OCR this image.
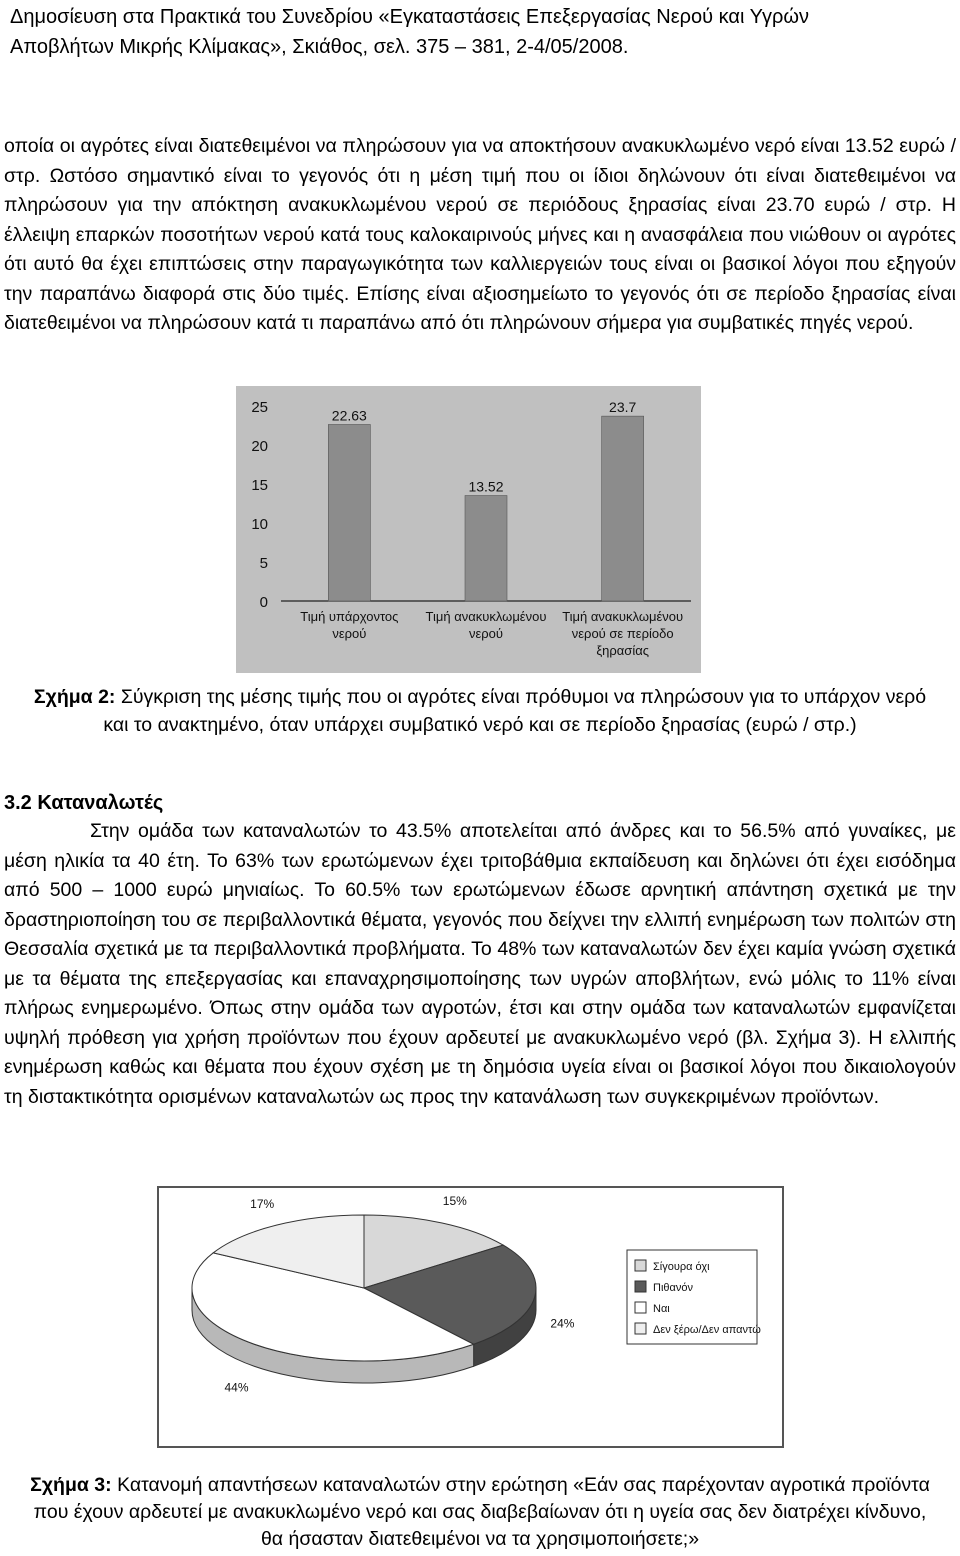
Δημοσίευση στα Πρακτικά του Συνεδρίου «Εγκαταστάσεις Επεξεργασίας Νερού και Υγρών
Αποβλήτων Μικρής Κλίμακας», Σκιάθος, σελ. 375 – 381, 2-4/05/2008.

οποία οι αγρότες είναι διατεθειμένοι να πληρώσουν για να αποκτήσουν ανακυκλωμένο νερό είναι 13.52 ευρώ / στρ. Ωστόσο σημαντικό είναι το γεγονός ότι η μέση τιμή που οι ίδιοι δηλώνουν ότι είναι διατεθειμένοι να πληρώσουν για την απόκτηση ανακυκλωμένου νερού σε περιόδους ξηρασίας είναι 23.70 ευρώ / στρ. Η έλλειψη επαρκών ποσοτήτων νερού κατά τους καλοκαιρινούς μήνες και η ανασφάλεια που νιώθουν οι αγρότες ότι αυτό θα έχει επιπτώσεις στην παραγωγικότητα των καλλιεργειών τους είναι οι βασικοί λόγοι που εξηγούν την παραπάνω διαφορά στις δύο τιμές. Επίσης είναι αξιοσημείωτο το γεγονός ότι σε περίοδο ξηρασίας είναι διατεθειμένοι να πληρώσουν κατά τι παραπάνω από ότι πληρώνουν σήμερα για συμβατικές πηγές νερού.

0
5
10
15
20
25	22.63
Τιμή υπάρχοντος
νερού
13.52
Τιμή ανακυκλωμένου
νερού
23.7
Τιμή ανακυκλωμένου
νερού σε περίοδο
ξηρασίας

Σχήμα 2: Σύγκριση της μέσης τιμής που οι αγρότες είναι πρόθυμοι να πληρώσουν για το υπάρχον νερό και το ανακτημένο, όταν υπάρχει συμβατικό νερό και σε περίοδο ξηρασίας (ευρώ / στρ.)

3.2 Καταναλωτές

Στην ομάδα των καταναλωτών το 43.5% αποτελείται από άνδρες και το 56.5% από γυναίκες, με μέση ηλικία τα 40 έτη. Το 63% των ερωτώμενων έχει τριτοβάθμια εκπαίδευση και δηλώνει ότι έχει εισόδημα από 500 – 1000 ευρώ μηνιαίως. Το 60.5% των ερωτώμενων έδωσε αρνητική απάντηση σχετικά με την δραστηριοποίηση του σε περιβαλλοντικά θέματα, γεγονός που δείχνει την ελλιπή ενημέρωση των πολιτών στη Θεσσαλία σχετικά με τα περιβαλλοντικά προβλήματα. Το 48% των καταναλωτών δεν έχει καμία γνώση σχετικά με τα θέματα της επεξεργασίας και επαναχρησιμοποίησης των υγρών αποβλήτων, ενώ μόλις το 11% είναι πλήρως ενημερωμένο. Όπως στην ομάδα των αγροτών, έτσι και στην ομάδα των καταναλωτών εμφανίζεται υψηλή πρόθεση για χρήση προϊόντων που έχουν αρδευτεί με ανακυκλωμένο νερό (βλ. Σχήμα 3). Η ελλιπής ενημέρωση καθώς και θέματα που έχουν σχέση με τη δημόσια υγεία είναι οι βασικοί λόγοι που δικαιολογούν τη διστακτικότητα ορισμένων καταναλωτών ως προς την κατανάλωση των συγκεκριμένων προϊόντων.

15%
24%
44%
17%
Σίγουρα όχι
Πιθανόν
Ναι
Δεν ξέρω/Δεν απαντώ

Σχήμα 3: Κατανομή απαντήσεων καταναλωτών στην ερώτηση «Εάν σας παρέχονταν αγροτικά προϊόντα που έχουν αρδευτεί με ανακυκλωμένο νερό και σας διαβεβαίωναν ότι η υγεία σας δεν διατρέχει κίνδυνο, θα ήσασταν διατεθειμένοι να τα χρησιμοποιήσετε;»
